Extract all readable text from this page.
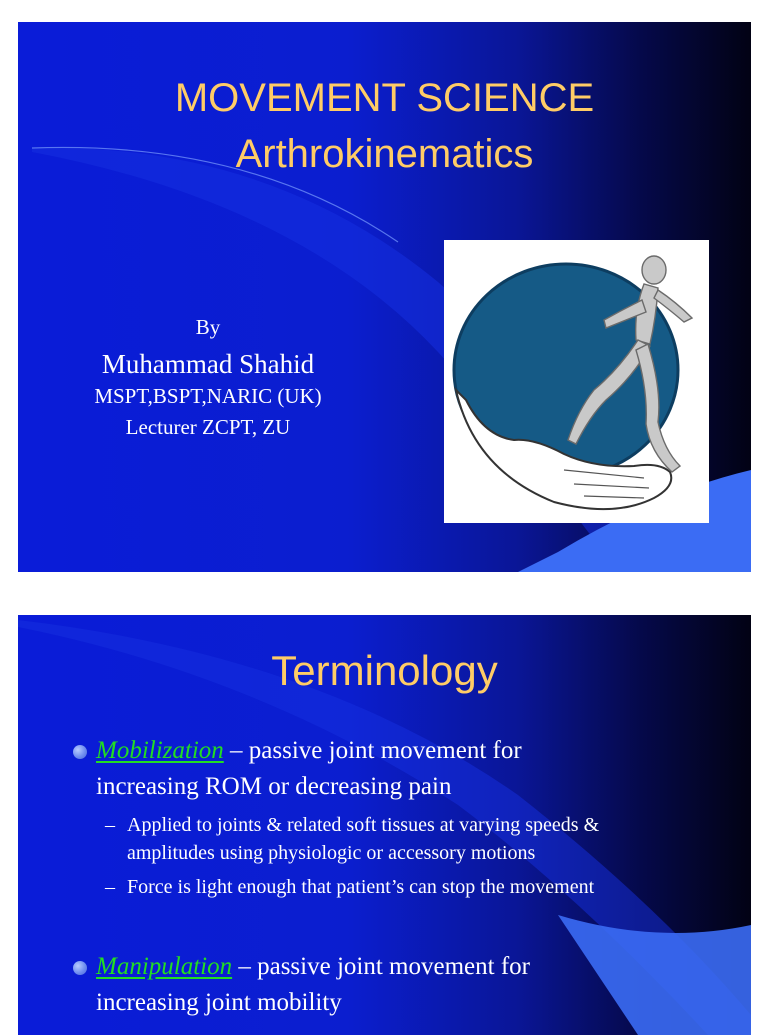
MOVEMENT SCIENCE
Arthrokinematics
By
Muhammad Shahid
MSPT,BSPT,NARIC (UK)
Lecturer ZCPT, ZU
Terminology
Mobilization – passive joint movement for
increasing ROM or decreasing pain
– Applied to joints & related soft tissues at varying speeds &
amplitudes using physiologic or accessory motions
– Force is light enough that patient’s can stop the movement
Manipulation – passive joint movement for
increasing joint mobility
